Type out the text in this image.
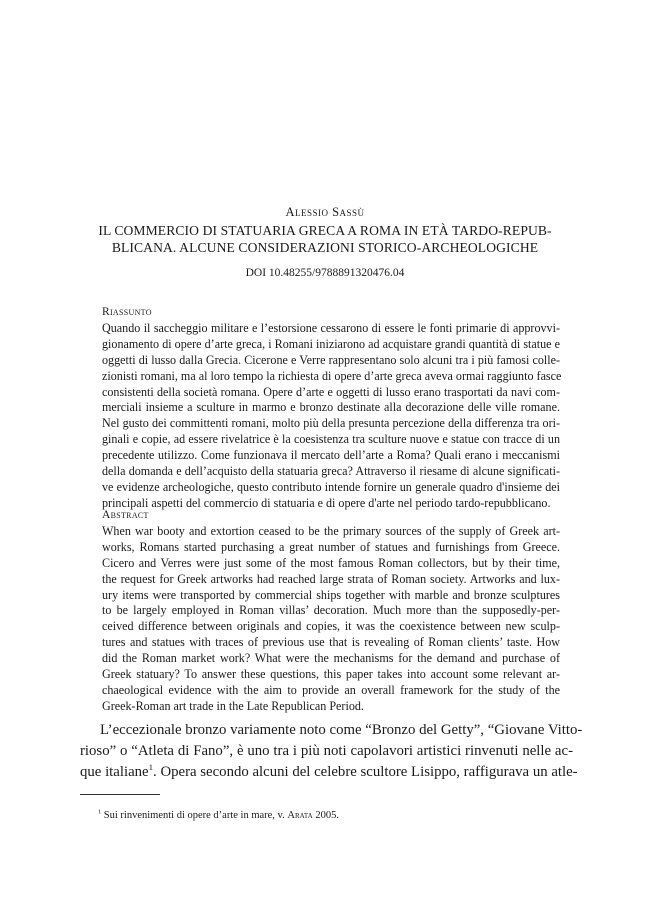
Alessio Sassù
IL COMMERCIO DI STATUARIA GRECA A ROMA IN ETÀ TARDO-REPUB-
BLICANA. ALCUNE CONSIDERAZIONI STORICO-ARCHEOLOGICHE
DOI 10.48255/9788891320476.04
Riassunto
Quando il saccheggio militare e l’estorsione cessarono di essere le fonti primarie di approvvi-
gionamento di opere d’arte greca, i Romani iniziarono ad acquistare grandi quantità di statue e
oggetti di lusso dalla Grecia. Cicerone e Verre rappresentano solo alcuni tra i più famosi colle-
zionisti romani, ma al loro tempo la richiesta di opere d’arte greca aveva ormai raggiunto fasce
consistenti della società romana. Opere d’arte e oggetti di lusso erano trasportati da navi com-
merciali insieme a sculture in marmo e bronzo destinate alla decorazione delle ville romane.
Nel gusto dei committenti romani, molto più della presunta percezione della differenza tra ori-
ginali e copie, ad essere rivelatrice è la coesistenza tra sculture nuove e statue con tracce di un
precedente utilizzo. Come funzionava il mercato dell’arte a Roma? Quali erano i meccanismi
della domanda e dell’acquisto della statuaria greca? Attraverso il riesame di alcune significati-
ve evidenze archeologiche, questo contributo intende fornire un generale quadro d'insieme dei
principali aspetti del commercio di statuaria e di opere d'arte nel periodo tardo-repubblicano.
Abstract
When war booty and extortion ceased to be the primary sources of the supply of Greek art-
works, Romans started purchasing a great number of statues and furnishings from Greece.
Cicero and Verres were just some of the most famous Roman collectors, but by their time,
the request for Greek artworks had reached large strata of Roman society. Artworks and lux-
ury items were transported by commercial ships together with marble and bronze sculptures
to be largely employed in Roman villas’ decoration. Much more than the supposedly-per-
ceived difference between originals and copies, it was the coexistence between new sculp-
tures and statues with traces of previous use that is revealing of Roman clients’ taste. How
did the Roman market work? What were the mechanisms for the demand and purchase of
Greek statuary? To answer these questions, this paper takes into account some relevant ar-
chaeological evidence with the aim to provide an overall framework for the study of the
Greek-Roman art trade in the Late Republican Period.
L’eccezionale bronzo variamente noto come “Bronzo del Getty”, “Giovane Vitto-
rioso” o “Atleta di Fano”, è uno tra i più noti capolavori artistici rinvenuti nelle ac-
que italiane$^1$. Opera secondo alcuni del celebre scultore Lisippo, raffigurava un atle-
$^1$ Sui rinvenimenti di opere d’arte in mare, v. Arata 2005.
